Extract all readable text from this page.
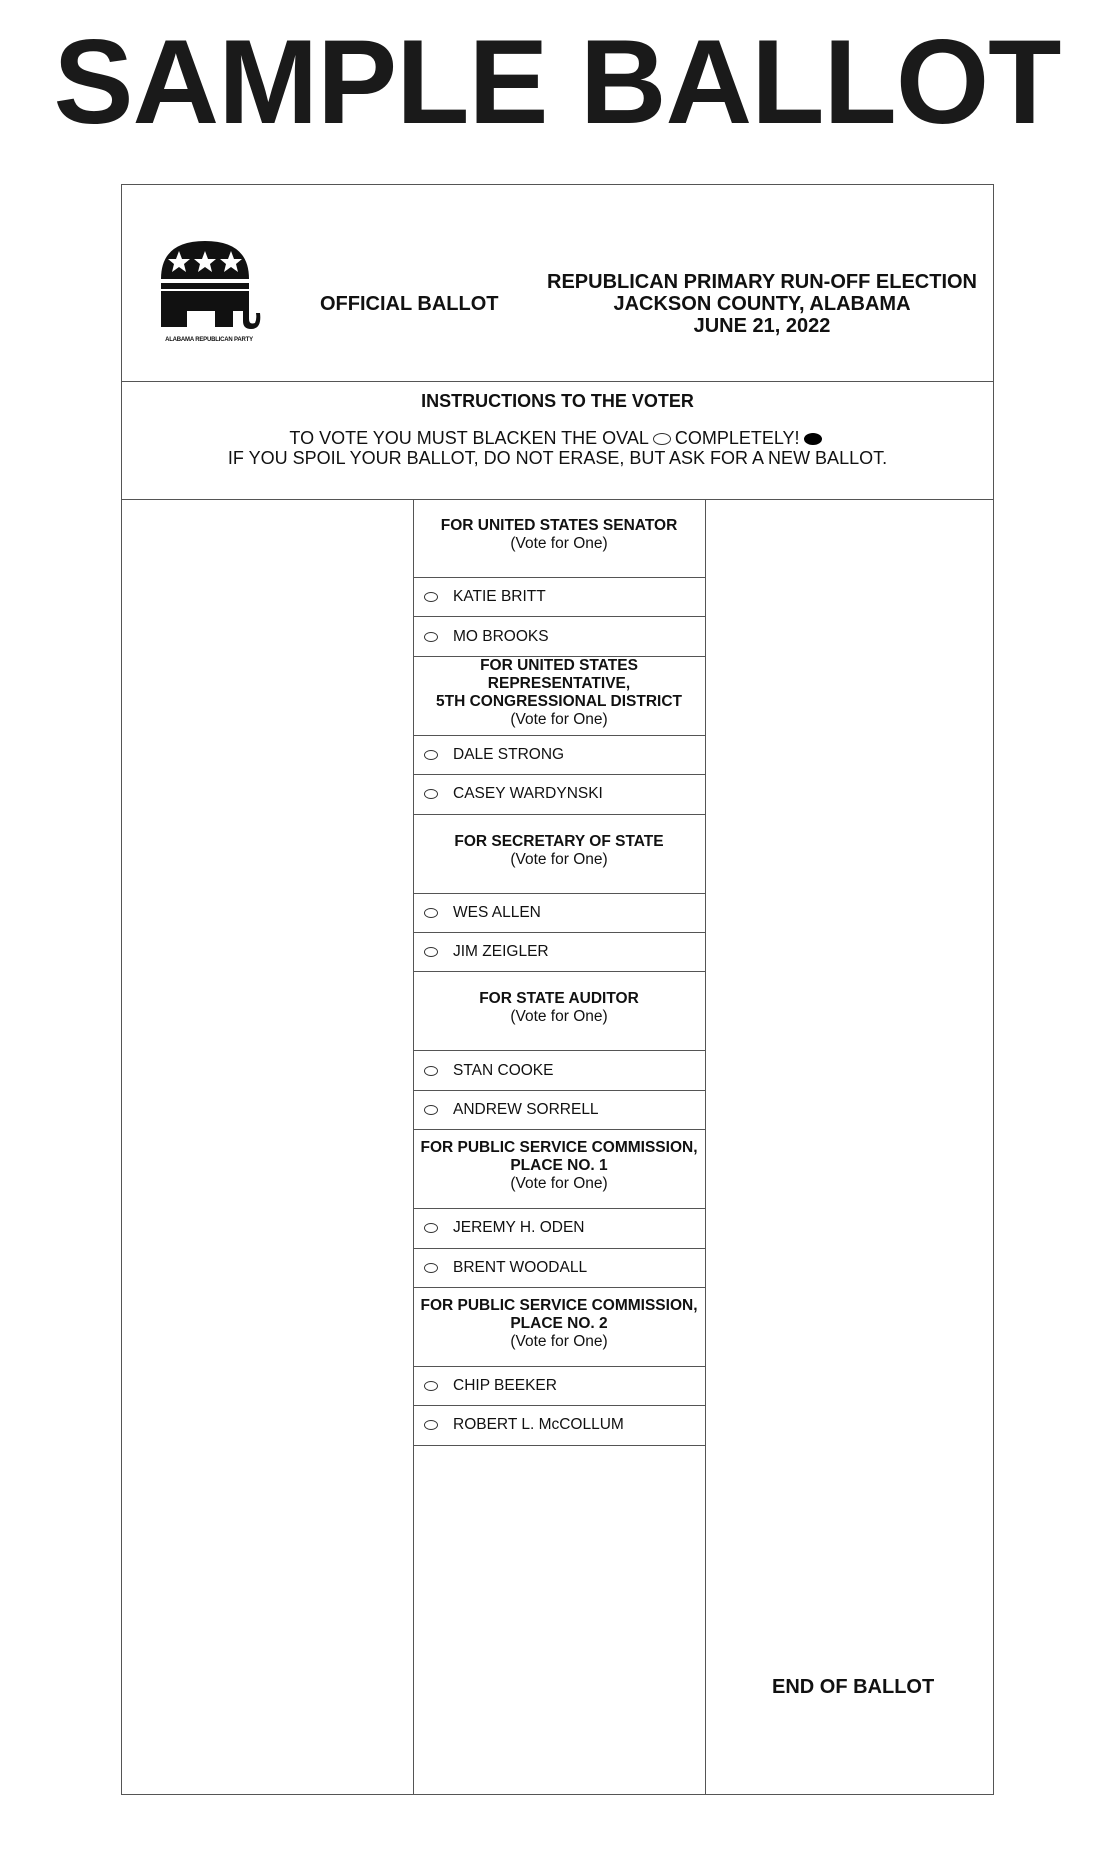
SAMPLE BALLOT
ALABAMA REPUBLICAN PARTY
OFFICIAL BALLOT
REPUBLICAN PRIMARY RUN-OFF ELECTION
JACKSON COUNTY, ALABAMA
JUNE 21, 2022
INSTRUCTIONS TO THE VOTER

TO VOTE YOU MUST BLACKEN THE OVAL COMPLETELY!
IF YOU SPOIL YOUR BALLOT, DO NOT ERASE, BUT ASK FOR A NEW BALLOT.

FOR UNITED STATES SENATOR
(Vote for One)
KATIE BRITT
MO BROOKS
FOR UNITED STATES REPRESENTATIVE,
5TH CONGRESSIONAL DISTRICT
(Vote for One)
DALE STRONG
CASEY WARDYNSKI
FOR SECRETARY OF STATE
(Vote for One)
WES ALLEN
JIM ZEIGLER
FOR STATE AUDITOR
(Vote for One)
STAN COOKE
ANDREW SORRELL
FOR PUBLIC SERVICE COMMISSION,
PLACE NO. 1
(Vote for One)
JEREMY H. ODEN
BRENT WOODALL
FOR PUBLIC SERVICE COMMISSION,
PLACE NO. 2
(Vote for One)
CHIP BEEKER
ROBERT L. McCOLLUM
END OF BALLOT
